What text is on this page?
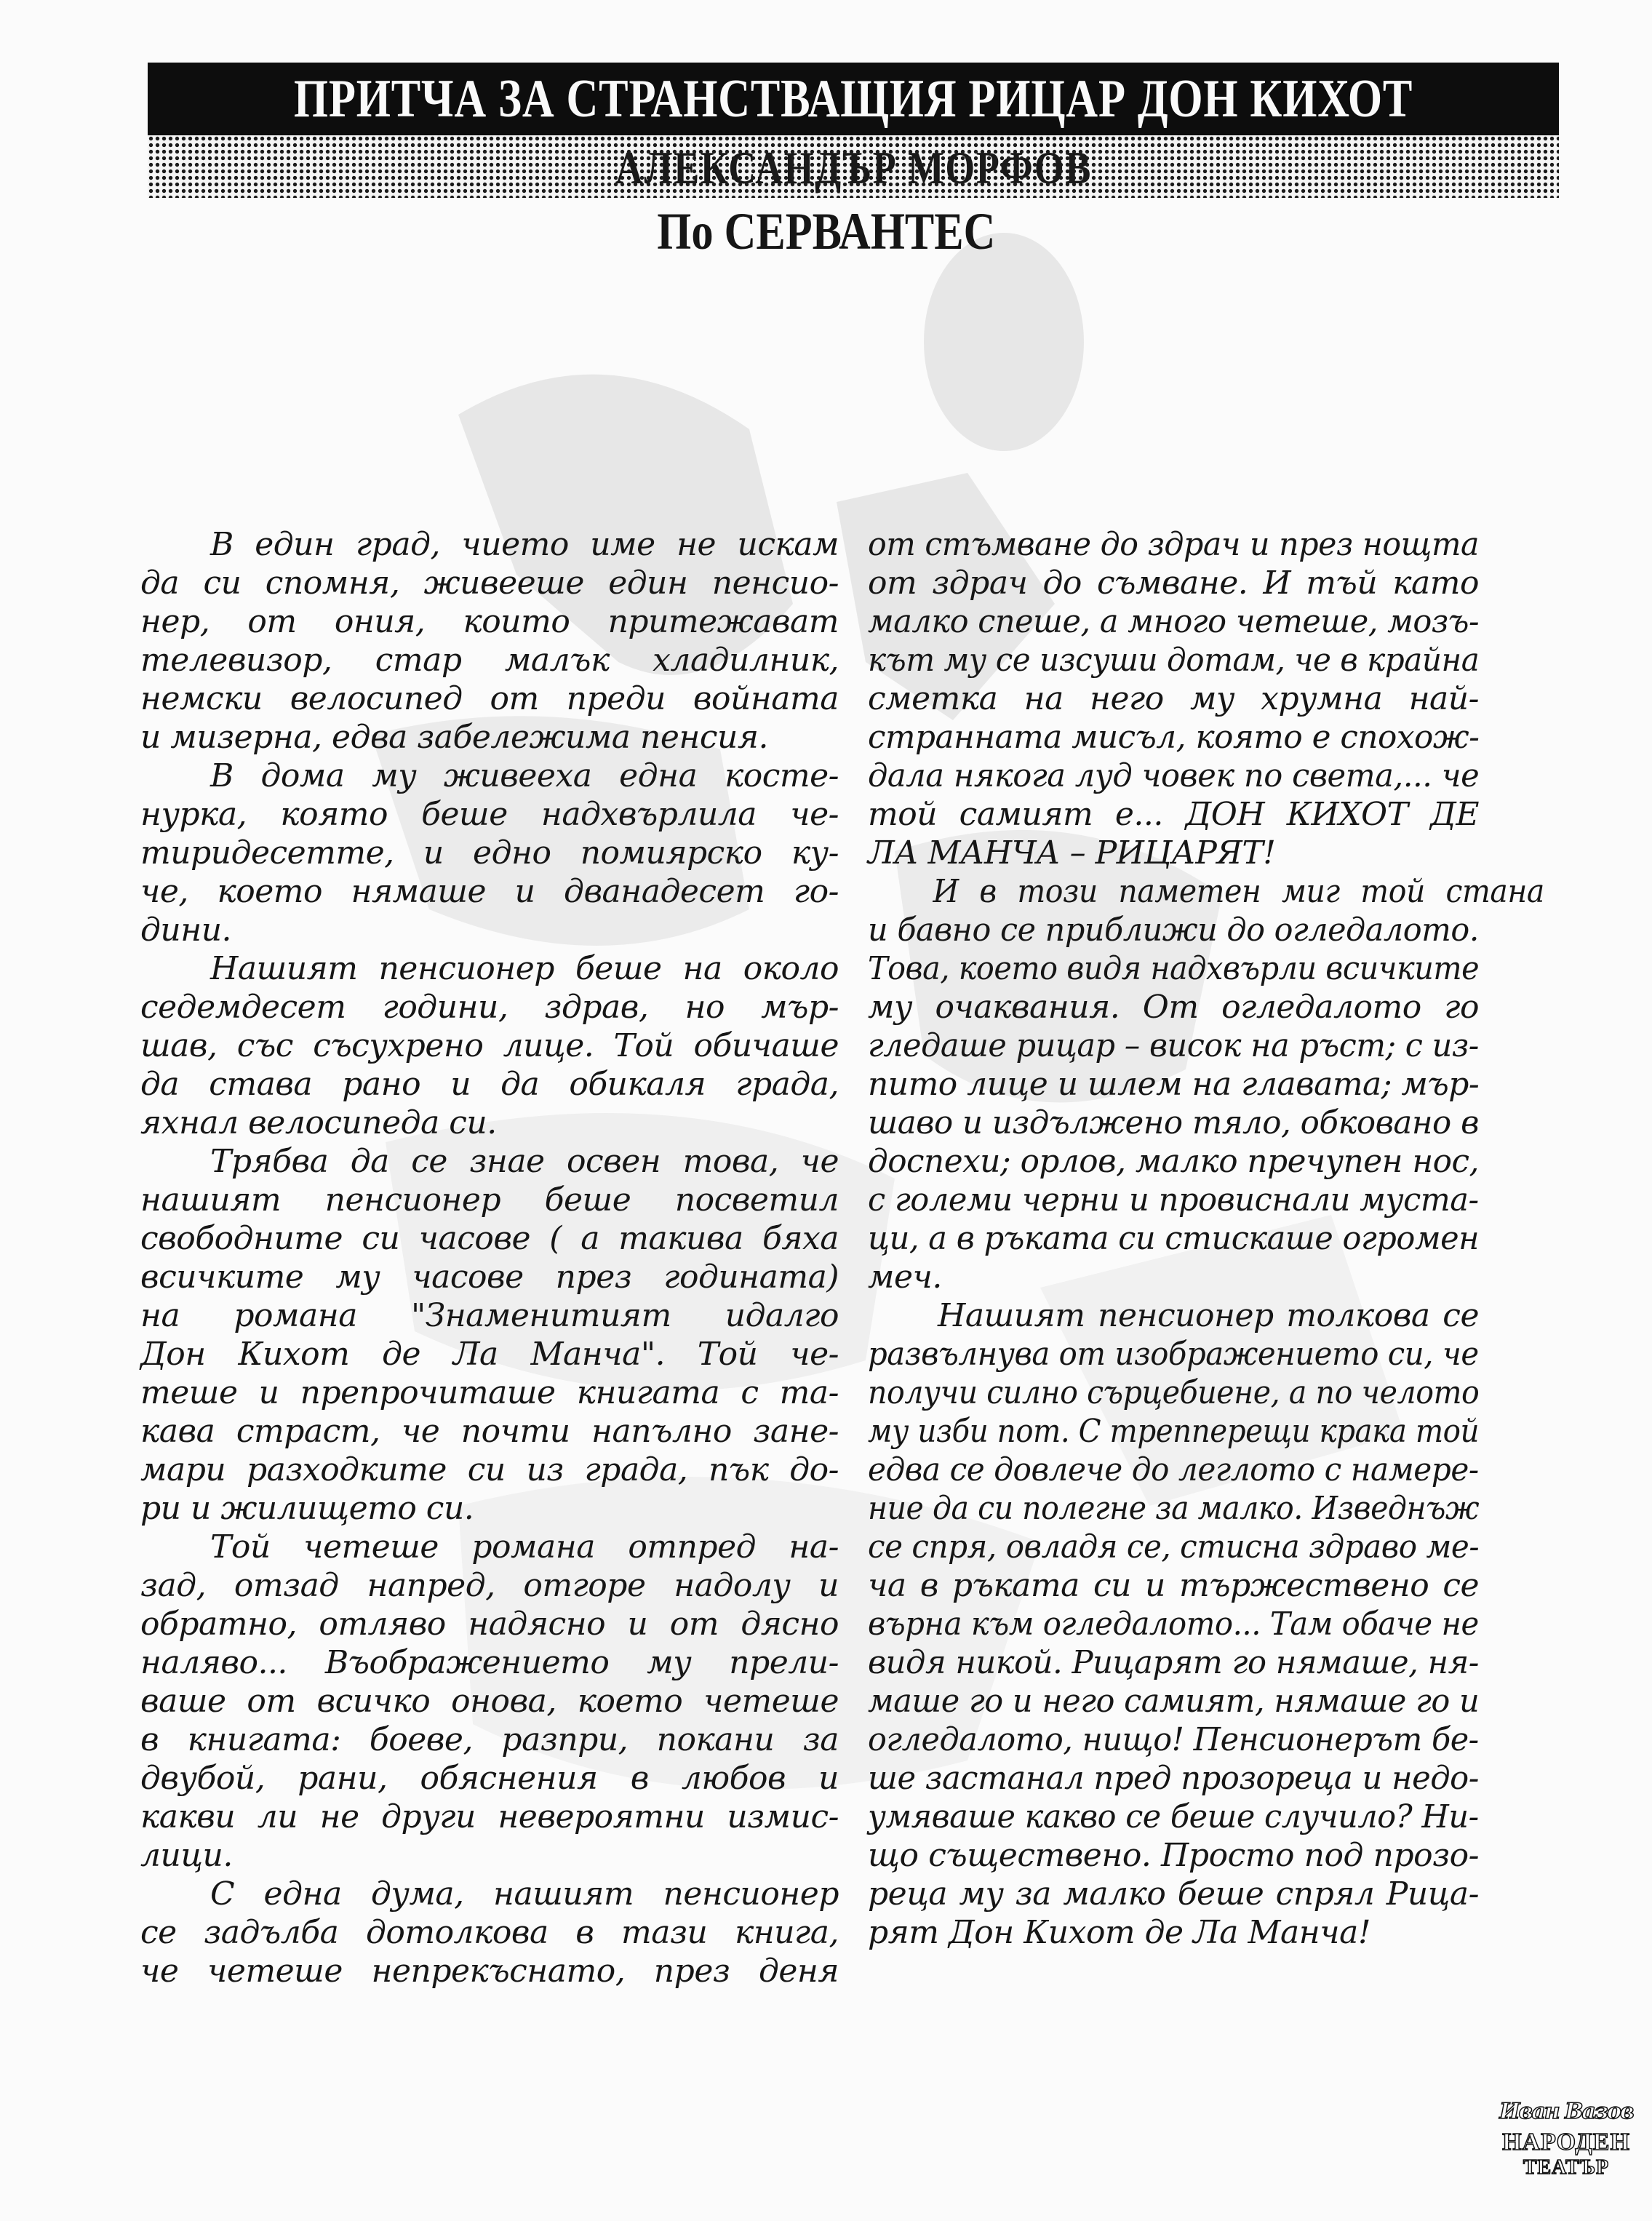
ПРИТЧА ЗА СТРАНСТВАЩИЯ РИЦАР ДОН КИХОТ
АЛЕКСАНДЪР МОРФОВ
По СЕРВАНТЕС
В един град, чието име не искам
да си спомня, живееше един пенсио-
нер, от ония, които притежават
телевизор, стар малък хладилник,
немски велосипед от преди войната
и мизерна, едва забележима пенсия.
В дома му живееха една косте-
нурка, която беше надхвърлила че-
тиридесетте, и едно помиярско ку-
че, което нямаше и дванадесет го-
дини.
Нашият пенсионер беше на около
седемдесет години, здрав, но мър-
шав, със съсухрено лице. Той обичаше
да става рано и да обикаля града,
яхнал велосипеда си.
Трябва да се знае освен това, че
нашият пенсионер беше посветил
свободните си часове ( а такива бяха
всичките му часове през годината)
на романа "Знаменитият идалго
Дон Кихот де Ла Манча". Той че-
теше и препрочиташе книгата с та-
кава страст, че почти напълно зане-
мари разходките си из града, пък до-
ри и жилището си.
Той четеше романа отпред на-
зад, отзад напред, отгоре надолу и
обратно, отляво надясно и от дясно
наляво... Въображението му прели-
ваше от всичко онова, което четеше
в книгата: боеве, разпри, покани за
двубой, рани, обяснения в любов и
какви ли не други невероятни измис-
лици.
С една дума, нашият пенсионер
се задълба дотолкова в тази книга,
че четеше непрекъснато, през деня
от стъмване до здрач и през нощта
от здрач до съмване. И тъй като
малко спеше, а много четеше, мозъ-
кът му се изсуши дотам, че в крайна
сметка на него му хрумна най-
странната мисъл, която е спохож-
дала някога луд човек по света,... че
той самият е... ДОН КИХОТ ДЕ
ЛА МАНЧА – РИЦАРЯТ!
И в този паметен миг той стана
и бавно се приближи до огледалото.
Това, което видя надхвърли всичките
му очаквания. От огледалото го
гледаше рицар – висок на ръст; с из-
пито лице и шлем на главата; мър-
шаво и издължено тяло, обковано в
доспехи; орлов, малко пречупен нос,
с големи черни и провиснали муста-
ци, а в ръката си стискаше огромен
меч.
Нашият пенсионер толкова се
развълнува от изображението си, че
получи силно сърцебиене, а по челото
му изби пот. С трепперещи крака той
едва се довлече до леглото с намере-
ние да си полегне за малко. Изведнъж
се спря, овладя се, стисна здраво ме-
ча в ръката си и тържествено се
върна към огледалото... Там обаче не
видя никой. Рицарят го нямаше, ня-
маше го и него самият, нямаше го и
огледалото, нищо! Пенсионерът бе-
ше застанал пред прозореца и недо-
умяваше какво се беше случило? Ни-
що съществено. Просто под прозо-
реца му за малко беше спрял Рица-
рят Дон Кихот де Ла Манча!
Иван Вазов
НАРОДЕН
ТЕАТЪР
